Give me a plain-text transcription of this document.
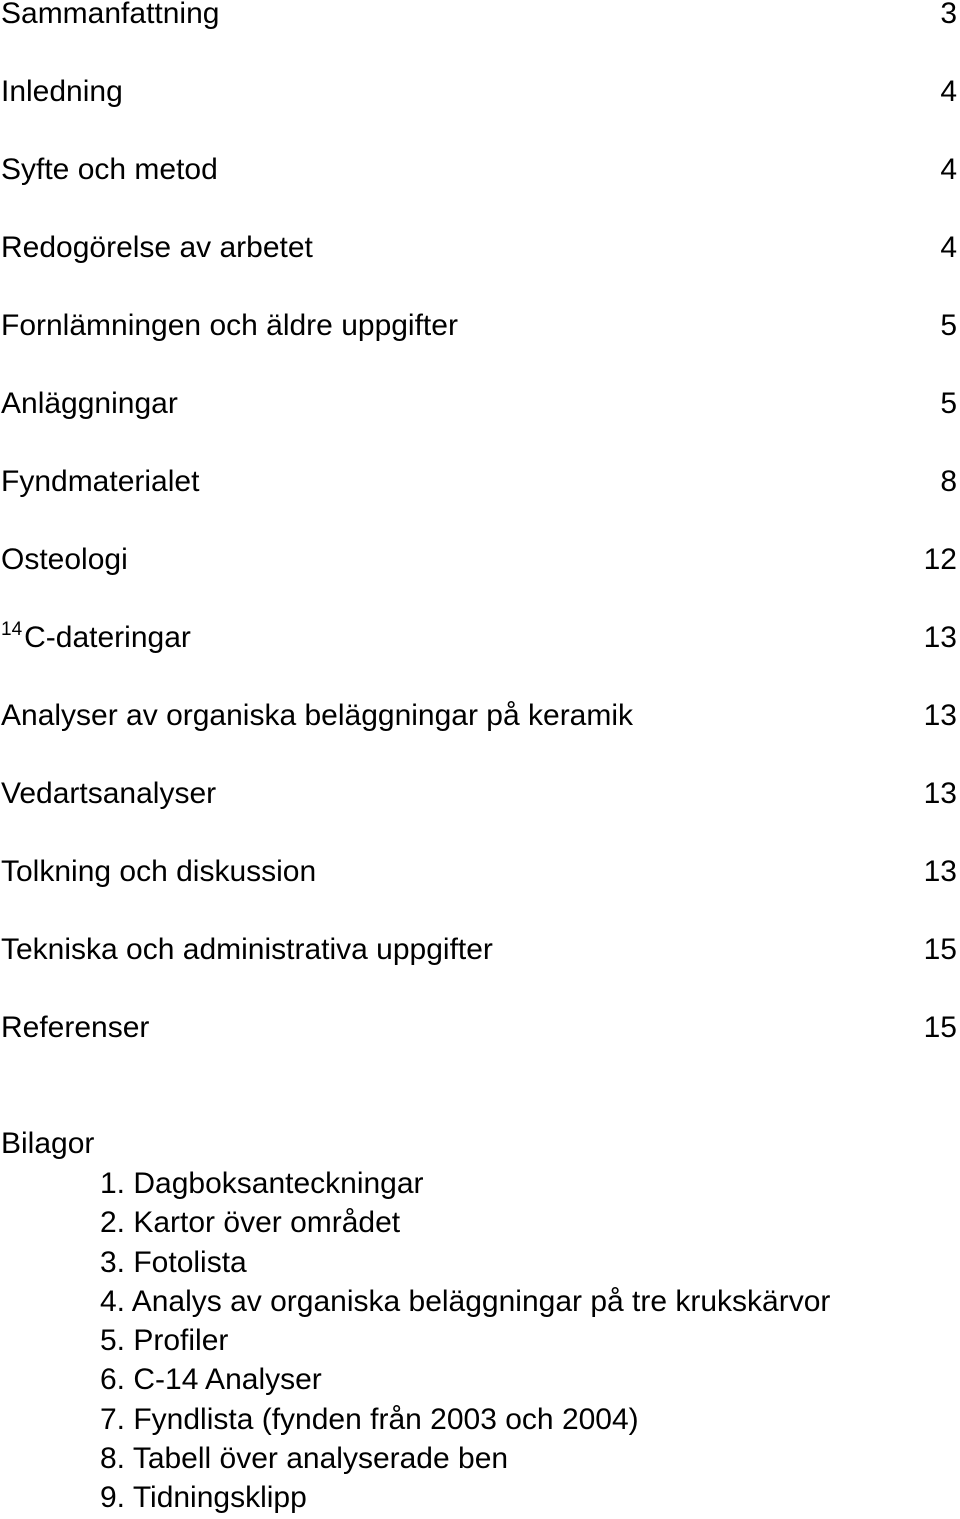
Sammanfattning	3
Inledning	4
Syfte och metod	4
Redogörelse av arbetet	4
Fornlämningen och äldre uppgifter	5
Anläggningar	5
Fyndmaterialet	8
Osteologi	12
$^{14}$C-dateringar	13
Analyser av organiska beläggningar på keramik	13
Vedartsanalyser	13
Tolkning och diskussion	13
Tekniska och administrativa uppgifter	15
Referenser	15
Bilagor
1. Dagboksanteckningar
2. Kartor över området
3. Fotolista
4. Analys av organiska beläggningar på tre krukskärvor
5. Profiler
6. C-14 Analyser
7. Fyndlista (fynden från 2003 och 2004)
8. Tabell över analyserade ben
9. Tidningsklipp
